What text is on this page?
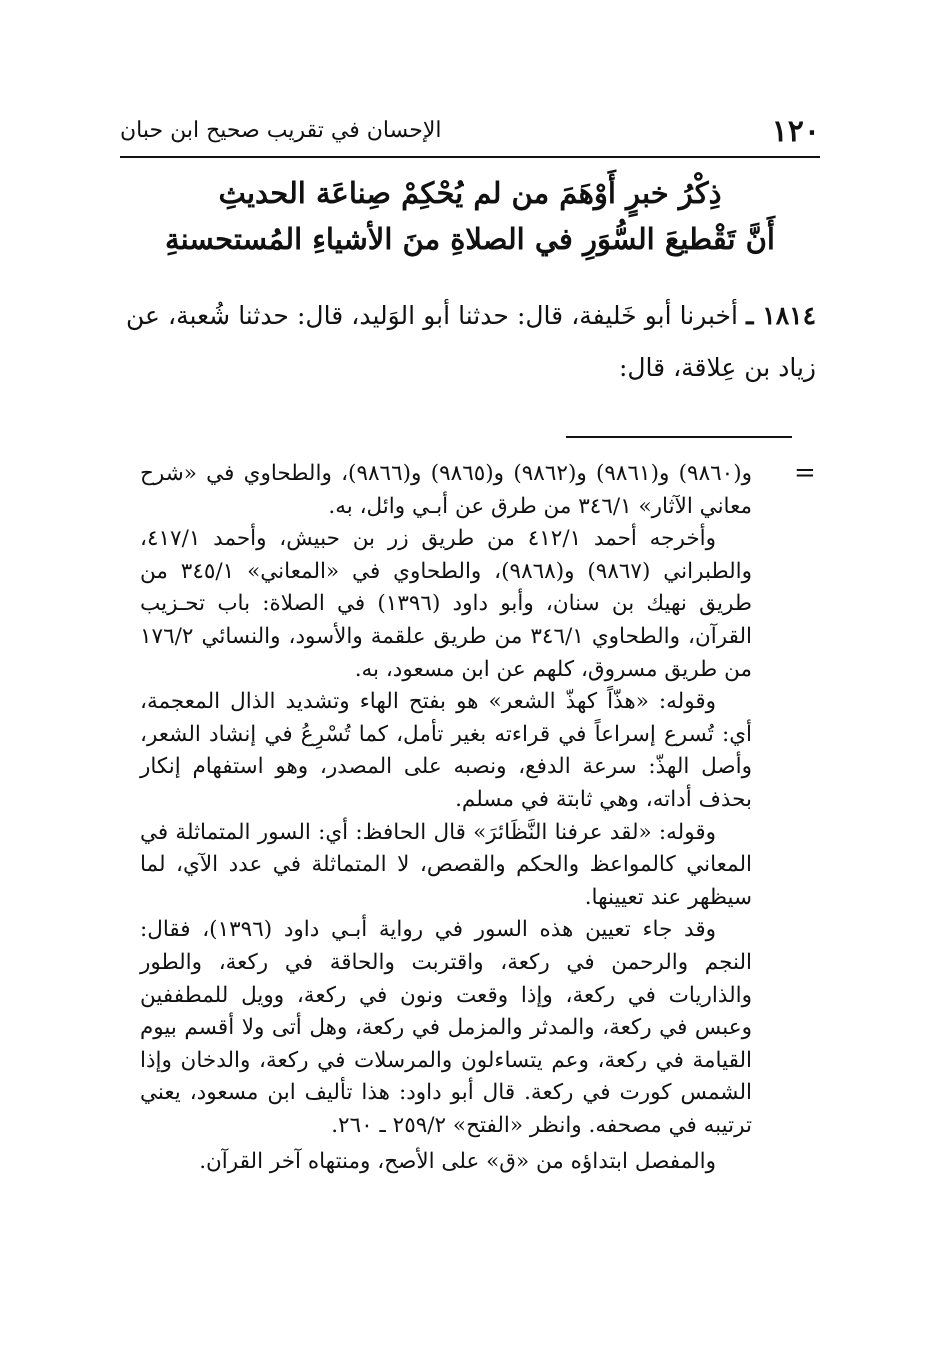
١٢٠
الإحسان في تقريب صحيح ابن حبان
ذِكْرُ خبرٍ أَوْهَمَ من لم يُحْكِمْ صِناعَة الحديثِ
أَنَّ تَقْطيعَ السُّوَرِ في الصلاةِ منَ الأشياءِ المُستحسنةِ
١٨١٤ ـ أخبرنا أبو خَليفة، قال: حدثنا أبو الوَليد، قال: حدثنا شُعبة، عن زياد بن عِلاقة، قال:
=

و(٩٨٦٠) و(٩٨٦١) و(٩٨٦٢) و(٩٨٦٥) و(٩٨٦٦)، والطحاوي في «شرح معاني الآثار» ٣٤٦/١ من طرق عن أبـي وائل، به.

وأخرجه أحمد ٤١٢/١ من طريق زر بن حبيش، وأحمد ٤١٧/١، والطبراني (٩٨٦٧) و(٩٨٦٨)، والطحاوي في «المعاني» ٣٤٥/١ من طريق نهيك بن سنان، وأبو داود (١٣٩٦) في الصلاة: باب تحـزيب القرآن، والطحاوي ٣٤٦/١ من طريق علقمة والأسود، والنسائي ١٧٦/٢ من طريق مسروق، كلهم عن ابن مسعود، به.

وقوله: «هذّاً كهذّ الشعر» هو بفتح الهاء وتشديد الذال المعجمة، أي: تُسرع إسراعاً في قراءته بغير تأمل، كما تُسْرِعُ في إنشاد الشعر، وأصل الهذّ: سرعة الدفع، ونصبه على المصدر، وهو استفهام إنكار بحذف أداته، وهي ثابتة في مسلم.

وقوله: «لقد عرفنا النَّظَائرَ» قال الحافظ: أي: السور المتماثلة في المعاني كالمواعظ والحكم والقصص، لا المتماثلة في عدد الآي، لما سيظهر عند تعيينها.

وقد جاء تعيين هذه السور في رواية أبـي داود (١٣٩٦)، فقال: النجم والرحمن في ركعة، واقتربت والحاقة في ركعة، والطور والذاريات في ركعة، وإذا وقعت ونون في ركعة، وويل للمطففين وعبس في ركعة، والمدثر والمزمل في ركعة، وهل أتى ولا أقسم بيوم القيامة في ركعة، وعم يتساءلون والمرسلات في ركعة، والدخان وإذا الشمس كورت في ركعة. قال أبو داود: هذا تأليف ابن مسعود، يعني ترتيبه في مصحفه. وانظر «الفتح» ٢٥٩/٢ ـ ٢٦٠.

والمفصل ابتداؤه من «ق» على الأصح، ومنتهاه آخر القرآن.
